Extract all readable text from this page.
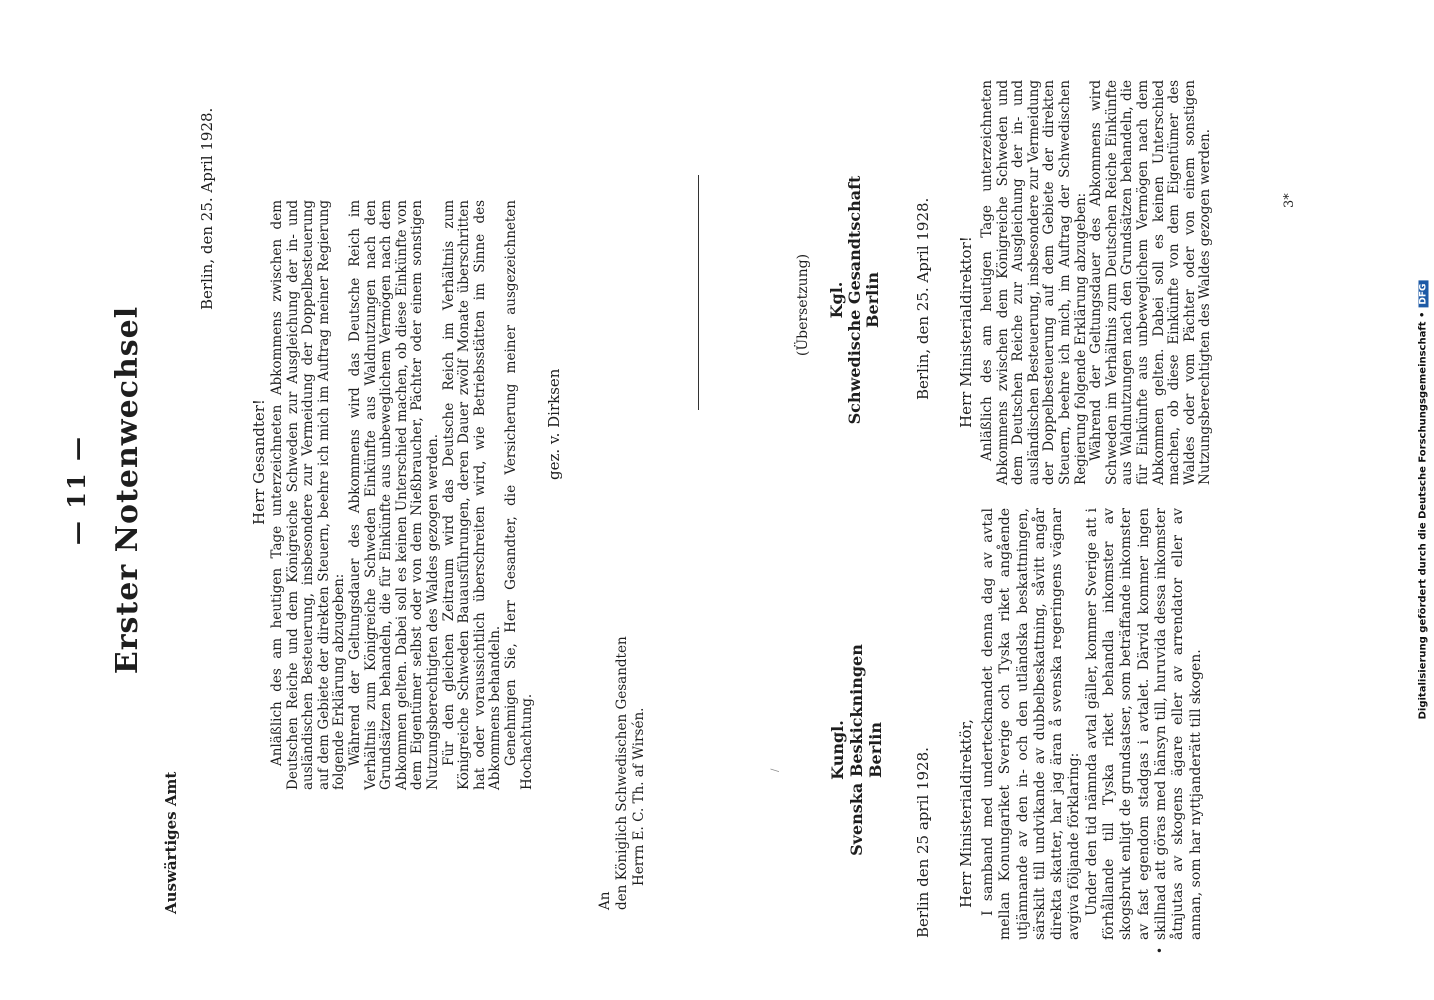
— 11 — Erster Notenwechsel
Auswärtiges Amt
Berlin, den 25. April 1928.
Herr Gesandter! Anläßlich des am heutigen Tage unterzeichneten Abkommens zwischen dem Deutschen Reiche und dem Königreiche Schweden zur Ausgleichung der in- und ausländischen Besteuerung, insbesondere zur Vermeidung der Doppelbesteuerung auf dem Gebiete der direkten Steuern, beehre ich mich im Auftrag meiner Regierung folgende Erklärung abzugeben: Während der Geltungsdauer des Abkommens wird das Deutsche Reich im Verhältnis zum Königreiche Schweden Einkünfte aus Waldnutzungen nach den Grundsätzen behandeln, die für Einkünfte aus unbeweglichem Vermögen nach dem Abkommen gelten. Dabei soll es keinen Unterschied machen, ob diese Einkünfte von dem Eigentümer selbst oder von dem Nießbraucher, Pächter oder einem sonstigen Nutzungsberechtigten des Waldes gezogen werden. Für den gleichen Zeitraum wird das Deutsche Reich im Verhältnis zum Königreiche Schweden Bauausführungen, deren Dauer zwölf Monate überschritten hat oder voraussichtlich überschreiten wird, wie Betriebsstätten im Sinne des Abkommens behandeln. Genehmigen Sie, Herr Gesandter, die Versicherung meiner ausgezeichneten Hochachtung.

gez. v. Dirksen
An den Königlich Schwedischen Gesandten Herrn E. C. Th. af Wirsén.	/
(Übersetzung) Kgl. Schwedische Gesandtschaft Berlin
Kungl. Svenska Beskickningen Berlin
Berlin, den 25. April 1928.
Berlin den 25 april 1928.
Herr Ministerialdirektor!
Herr Ministerialdirektör,

Anläßlich des am heutigen Tage unterzeichneten Abkommens zwischen dem Königreiche Schweden und dem Deutschen Reiche zur Ausgleichung der in- und ausländischen Besteuerung, insbesondere zur Vermeidung der Doppelbesteuerung auf dem Gebiete der direkten Steuern, beehre ich mich, im Auftrag der Schwedischen Regierung folgende Erklärung abzugeben: Während der Geltungsdauer des Abkommens wird Schweden im Verhältnis zum Deutschen Reiche Einkünfte aus Waldnutzungen nach den Grundsätzen behandeln, die für Einkünfte aus unbeweglichem Vermögen nach dem Abkommen gelten. Dabei soll es keinen Unterschied machen, ob diese Einkünfte von dem Eigentümer des Waldes oder vom Pächter oder von einem sonstigen Nutzungsberechtigten des Waldes gezogen werden.

•

I samband med undertecknandet denna dag av avtal mellan Konungariket Sverige och Tyska riket angående utjämnande av den in- och den utländska beskattningen, särskilt till undvikande av dubbelbeskattning, såvitt angår direkta skatter, har jag äran å svenska regeringens vägnar avgiva följande förklaring: Under den tid nämnda avtal gäller, kommer Sverige att i förhållande till Tyska riket behandla inkomster av skogsbruk enligt de grundsatser, som beträffande inkomster av fast egendom stadgas i avtalet. Därvid kommer ingen skillnad att göras med hänsyn till, huruvida dessa inkomster åtnjutas av skogens ägare eller av arrendator eller av annan, som har nyttjanderätt till skogen.

3*
Digitalisierung gefördert durch die Deutsche Forschungsgemeinschaft •DFG
